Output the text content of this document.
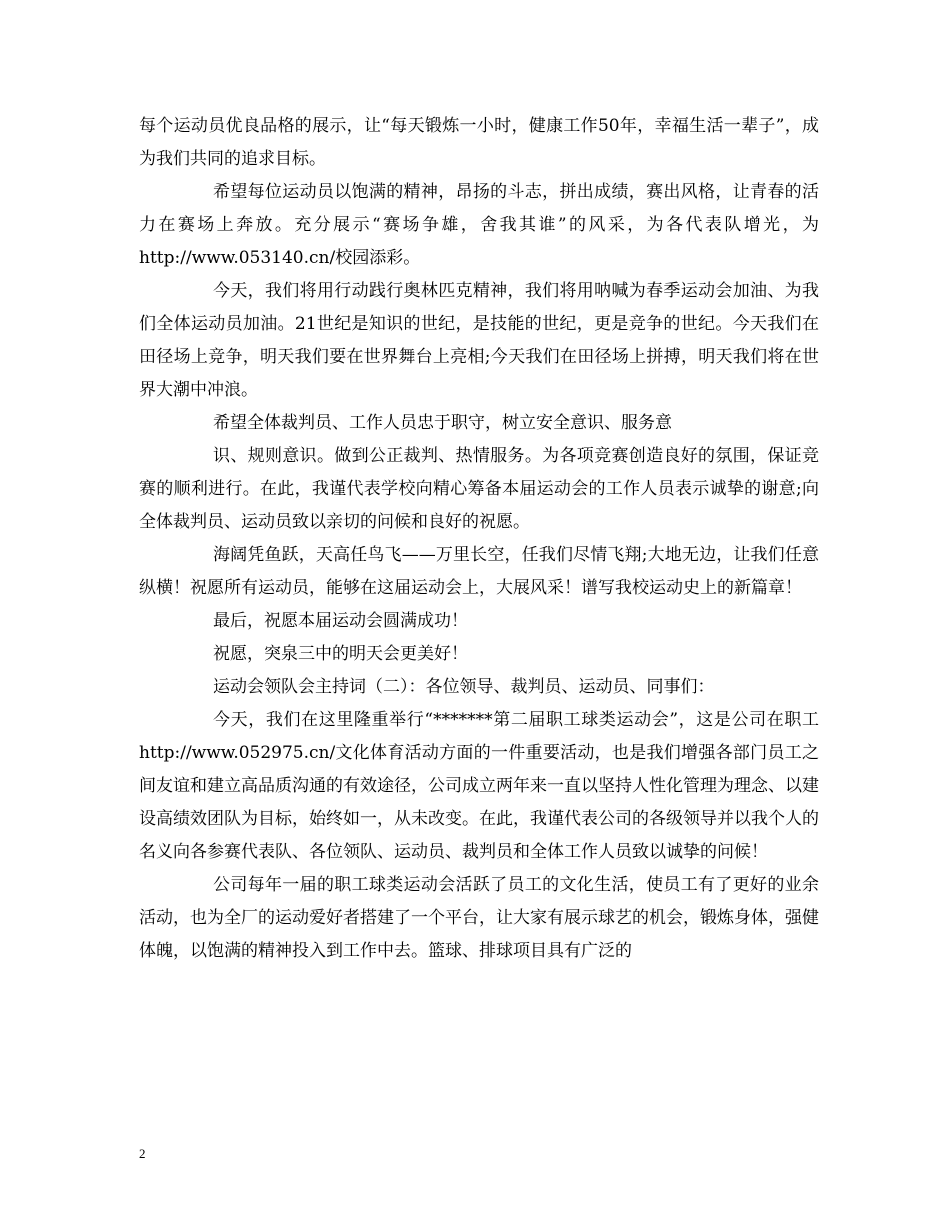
每个运动员优良品格的展示，让“每天锻炼一小时，健康工作50年，幸福生活一辈子”，成为我们共同的追求目标。

希望每位运动员以饱满的精神，昂扬的斗志，拼出成绩，赛出风格，让青春的活力在赛场上奔放。充分展示“赛场争雄，舍我其谁”的风采，为各代表队增光，为http://www.053140.cn/校园添彩。

今天，我们将用行动践行奥林匹克精神，我们将用呐喊为春季运动会加油、为我们全体运动员加油。21世纪是知识的世纪，是技能的世纪，更是竞争的世纪。今天我们在田径场上竞争，明天我们要在世界舞台上亮相;今天我们在田径场上拼搏，明天我们将在世界大潮中冲浪。

希望全体裁判员、工作人员忠于职守，树立安全意识、服务意

识、规则意识。做到公正裁判、热情服务。为各项竞赛创造良好的氛围，保证竞赛的顺利进行。在此，我谨代表学校向精心筹备本届运动会的工作人员表示诚挚的谢意;向全体裁判员、运动员致以亲切的问候和良好的祝愿。

海阔凭鱼跃，天高任鸟飞——万里长空，任我们尽情飞翔;大地无边，让我们任意纵横！祝愿所有运动员，能够在这届运动会上，大展风采！谱写我校运动史上的新篇章！

最后，祝愿本届运动会圆满成功！

祝愿，突泉三中的明天会更美好！

运动会领队会主持词（二）：各位领导、裁判员、运动员、同事们：

今天，我们在这里隆重举行“*******第二届职工球类运动会”，这是公司在职工http://www.052975.cn/文化体育活动方面的一件重要活动，也是我们增强各部门员工之间友谊和建立高品质沟通的有效途径，公司成立两年来一直以坚持人性化管理为理念、以建设高绩效团队为目标，始终如一，从未改变。在此，我谨代表公司的各级领导并以我个人的名义向各参赛代表队、各位领队、运动员、裁判员和全体工作人员致以诚挚的问候！

公司每年一届的职工球类运动会活跃了员工的文化生活，使员工有了更好的业余活动，也为全厂的运动爱好者搭建了一个平台，让大家有展示球艺的机会，锻炼身体，强健体魄，以饱满的精神投入到工作中去。篮球、排球项目具有广泛的

2
